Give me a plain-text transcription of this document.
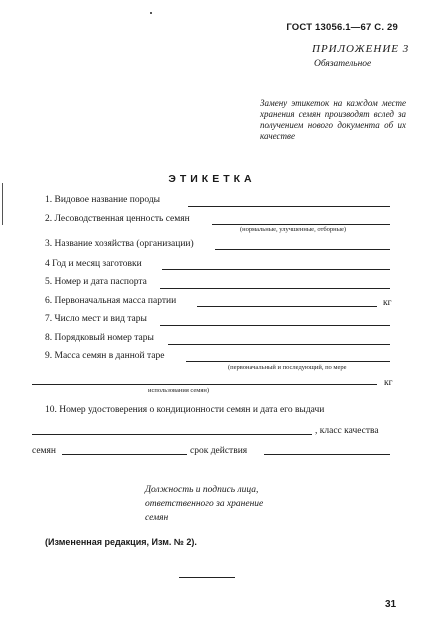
ГОСТ 13056.1—67 С. 29
ПРИЛОЖЕНИЕ 3
Обязательное
Замену этикеток на каждом месте хранения семян производят вслед за получением нового документа об их качестве
ЭТИКЕТКА
1. Видовое название породы
2. Лесоводственная ценность семян
(нормальные, улучшенные, отборные)
3. Название хозяйства (организации)
4 Год и месяц заготовки
5. Номер и дата паспорта
6. Первоначальная масса партии	кг
7. Число мест и вид тары
8. Порядковый номер тары
9. Масса семян в данной таре
(первоначальный и последующий, по мере
кг
использования семян)
10. Номер удостоверения о кондиционности семян и дата его выдачи
, класс качества
семян	срок действия
Должность и подпись лица,
ответственного за хранение
семян
(Измененная редакция, Изм. № 2).
31
